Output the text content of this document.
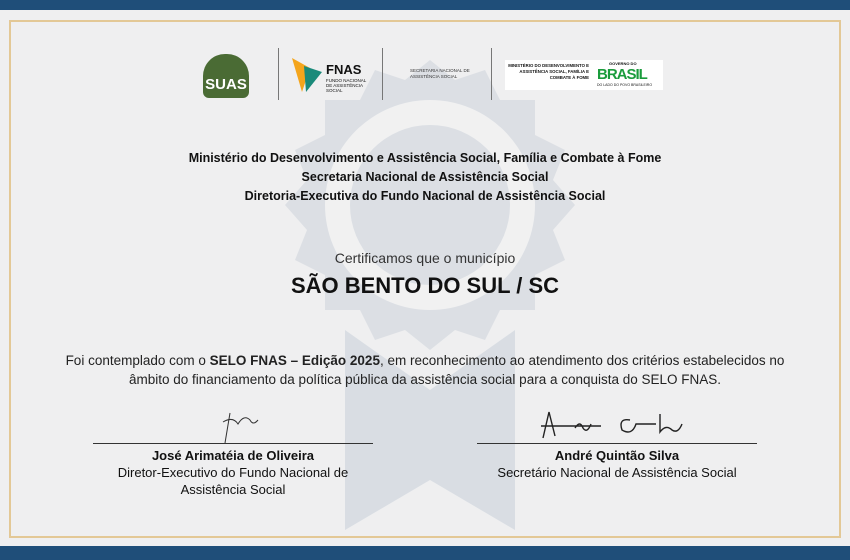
SUAS
FNAS
FUNDO NACIONAL DE ASSISTÊNCIA SOCIAL
SECRETARIA NACIONAL DE ASSISTÊNCIA SOCIAL
MINISTÉRIO DO DESENVOLVIMENTO E ASSISTÊNCIA SOCIAL, FAMÍLIA E COMBATE À FOME
GOVERNO DO
BRASIL
DO LADO DO POVO BRASILEIRO
Ministério do Desenvolvimento e Assistência Social, Família e Combate à Fome
Secretaria Nacional de Assistência Social
Diretoria-Executiva do Fundo Nacional de Assistência Social
Certificamos que o município
SÃO BENTO DO SUL / SC
Foi contemplado com o SELO FNAS – Edição 2025, em reconhecimento ao atendimento dos critérios estabelecidos no âmbito do financiamento da política pública da assistência social para a conquista do SELO FNAS.
José Arimatéia de Oliveira
Diretor-Executivo do Fundo Nacional de Assistência Social
André Quintão Silva
Secretário Nacional de Assistência Social
